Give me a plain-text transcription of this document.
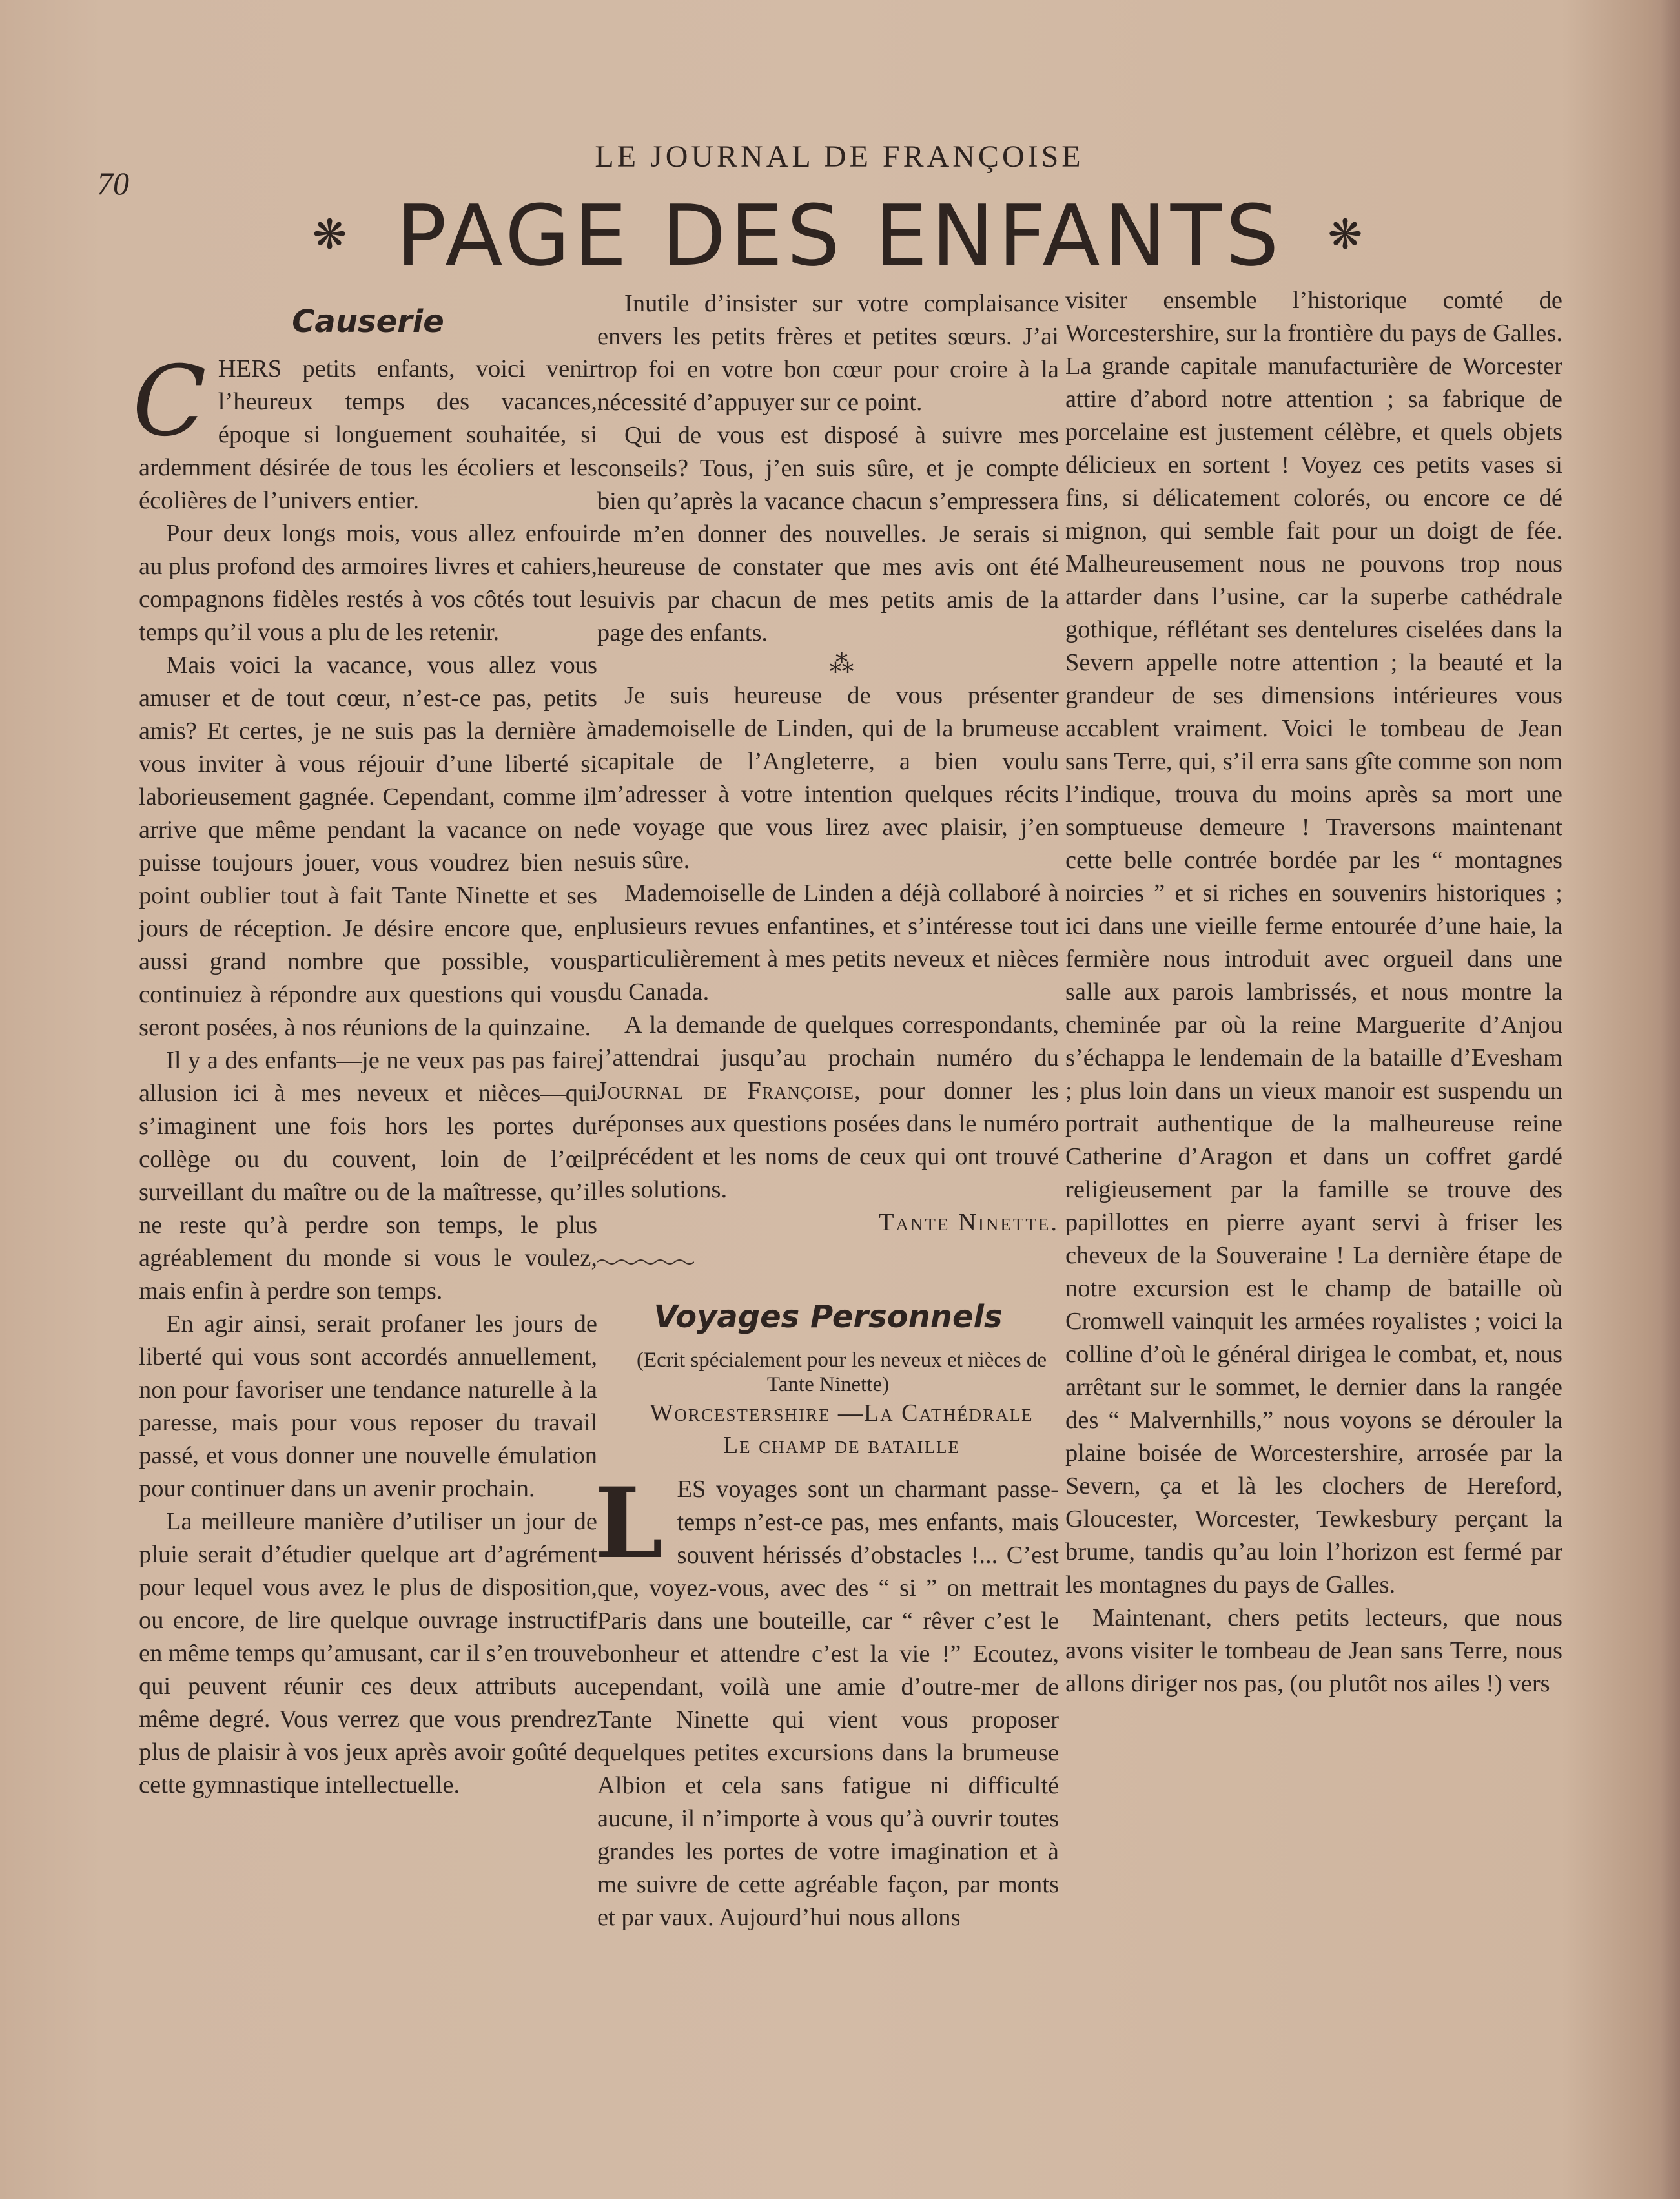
70
LE JOURNAL DE FRANÇOISE
❋ PAGE DES ENFANTS ❋
Causerie

CHERS petits enfants, voici venir l’heureux temps des vacances, époque si longuement souhaitée, si ardemment désirée de tous les écoliers et les écolières de l’univers entier.

Pour deux longs mois, vous allez enfouir au plus profond des armoires livres et cahiers, compagnons fidèles restés à vos côtés tout le temps qu’il vous a plu de les retenir.

Mais voici la vacance, vous allez vous amuser et de tout cœur, n’est-ce pas, petits amis? Et certes, je ne suis pas la dernière à vous inviter à vous réjouir d’une liberté si laborieusement gagnée. Cependant, comme il arrive que même pendant la vacance on ne puisse toujours jouer, vous voudrez bien ne point oublier tout à fait Tante Ninette et ses jours de réception. Je désire encore que, en aussi grand nombre que possible, vous continuiez à répondre aux questions qui vous seront posées, à nos réunions de la quinzaine.

Il y a des enfants—je ne veux pas pas faire allusion ici à mes neveux et nièces—qui s’imaginent une fois hors les portes du collège ou du couvent, loin de l’œil surveillant du maître ou de la maîtresse, qu’il ne reste qu’à perdre son temps, le plus agréablement du monde si vous le voulez, mais enfin à perdre son temps.

En agir ainsi, serait profaner les jours de liberté qui vous sont accordés annuellement, non pour favoriser une tendance naturelle à la paresse, mais pour vous reposer du travail passé, et vous donner une nouvelle émulation pour continuer dans un avenir prochain.

La meilleure manière d’utiliser un jour de pluie serait d’étudier quelque art d’agrément pour lequel vous avez le plus de disposition, ou encore, de lire quelque ouvrage instructif en même temps qu’amusant, car il s’en trouve qui peuvent réunir ces deux attributs au même degré. Vous verrez que vous prendrez plus de plaisir à vos jeux après avoir goûté de cette gymnastique intellectuelle.

Inutile d’insister sur votre complaisance envers les petits frères et petites sœurs. J’ai trop foi en votre bon cœur pour croire à la nécessité d’appuyer sur ce point.

Qui de vous est disposé à suivre mes conseils? Tous, j’en suis sûre, et je compte bien qu’après la vacance chacun s’empressera de m’en donner des nouvelles. Je serais si heureuse de constater que mes avis ont été suivis par chacun de mes petits amis de la page des enfants.

⁂

Je suis heureuse de vous présenter mademoiselle de Linden, qui de la brumeuse capitale de l’Angleterre, a bien voulu m’adresser à votre intention quelques récits de voyage que vous lirez avec plaisir, j’en suis sûre.

Mademoiselle de Linden a déjà collaboré à plusieurs revues enfantines, et s’intéresse tout particulièrement à mes petits neveux et nièces du Canada.

A la demande de quelques correspondants, j’attendrai jusqu’au prochain numéro du Journal de Françoise, pour donner les réponses aux questions posées dans le numéro précédent et les noms de ceux qui ont trouvé les solutions.

Tante Ninette.

Voyages Personnels

(Ecrit spécialement pour les neveux et nièces de Tante Ninette)

Worcestershire —La Cathédrale

Le champ de bataille

LES voyages sont un charmant passe-temps n’est-ce pas, mes enfants, mais souvent hérissés d’obstacles !... C’est que, voyez-vous, avec des “ si ” on mettrait Paris dans une bouteille, car “ rêver c’est le bonheur et attendre c’est la vie !” Ecoutez, cependant, voilà une amie d’outre-mer de Tante Ninette qui vient vous proposer quelques petites excursions dans la brumeuse Albion et cela sans fatigue ni difficulté aucune, il n’importe à vous qu’à ouvrir toutes grandes les portes de votre imagination et à me suivre de cette agréable façon, par monts et par vaux. Aujourd’hui nous allons

visiter ensemble l’historique comté de Worcestershire, sur la frontière du pays de Galles. La grande capitale manufacturière de Worcester attire d’abord notre attention ; sa fabrique de porcelaine est justement célèbre, et quels objets délicieux en sortent ! Voyez ces petits vases si fins, si délicatement colorés, ou encore ce dé mignon, qui semble fait pour un doigt de fée. Malheureusement nous ne pouvons trop nous attarder dans l’usine, car la superbe cathédrale gothique, réflétant ses dentelures ciselées dans la Severn appelle notre attention ; la beauté et la grandeur de ses dimensions intérieures vous accablent vraiment. Voici le tombeau de Jean sans Terre, qui, s’il erra sans gîte comme son nom l’indique, trouva du moins après sa mort une somptueuse demeure ! Traversons maintenant cette belle contrée bordée par les “ montagnes noircies ” et si riches en souvenirs historiques ; ici dans une vieille ferme entourée d’une haie, la fermière nous introduit avec orgueil dans une salle aux parois lambrissés, et nous montre la cheminée par où la reine Marguerite d’Anjou s’échappa le lendemain de la bataille d’Evesham ; plus loin dans un vieux manoir est suspendu un portrait authentique de la malheureuse reine Catherine d’Aragon et dans un coffret gardé religieusement par la famille se trouve des papillottes en pierre ayant servi à friser les cheveux de la Souveraine ! La dernière étape de notre excursion est le champ de bataille où Cromwell vainquit les armées royalistes ; voici la colline d’où le général dirigea le combat, et, nous arrêtant sur le sommet, le dernier dans la rangée des “ Malvernhills,” nous voyons se dérouler la plaine boisée de Worcestershire, arrosée par la Severn, ça et là les clochers de Hereford, Gloucester, Worcester, Tewkesbury perçant la brume, tandis qu’au loin l’horizon est fermé par les montagnes du pays de Galles.

Maintenant, chers petits lecteurs, que nous avons visiter le tombeau de Jean sans Terre, nous allons diriger nos pas, (ou plutôt nos ailes !) vers
